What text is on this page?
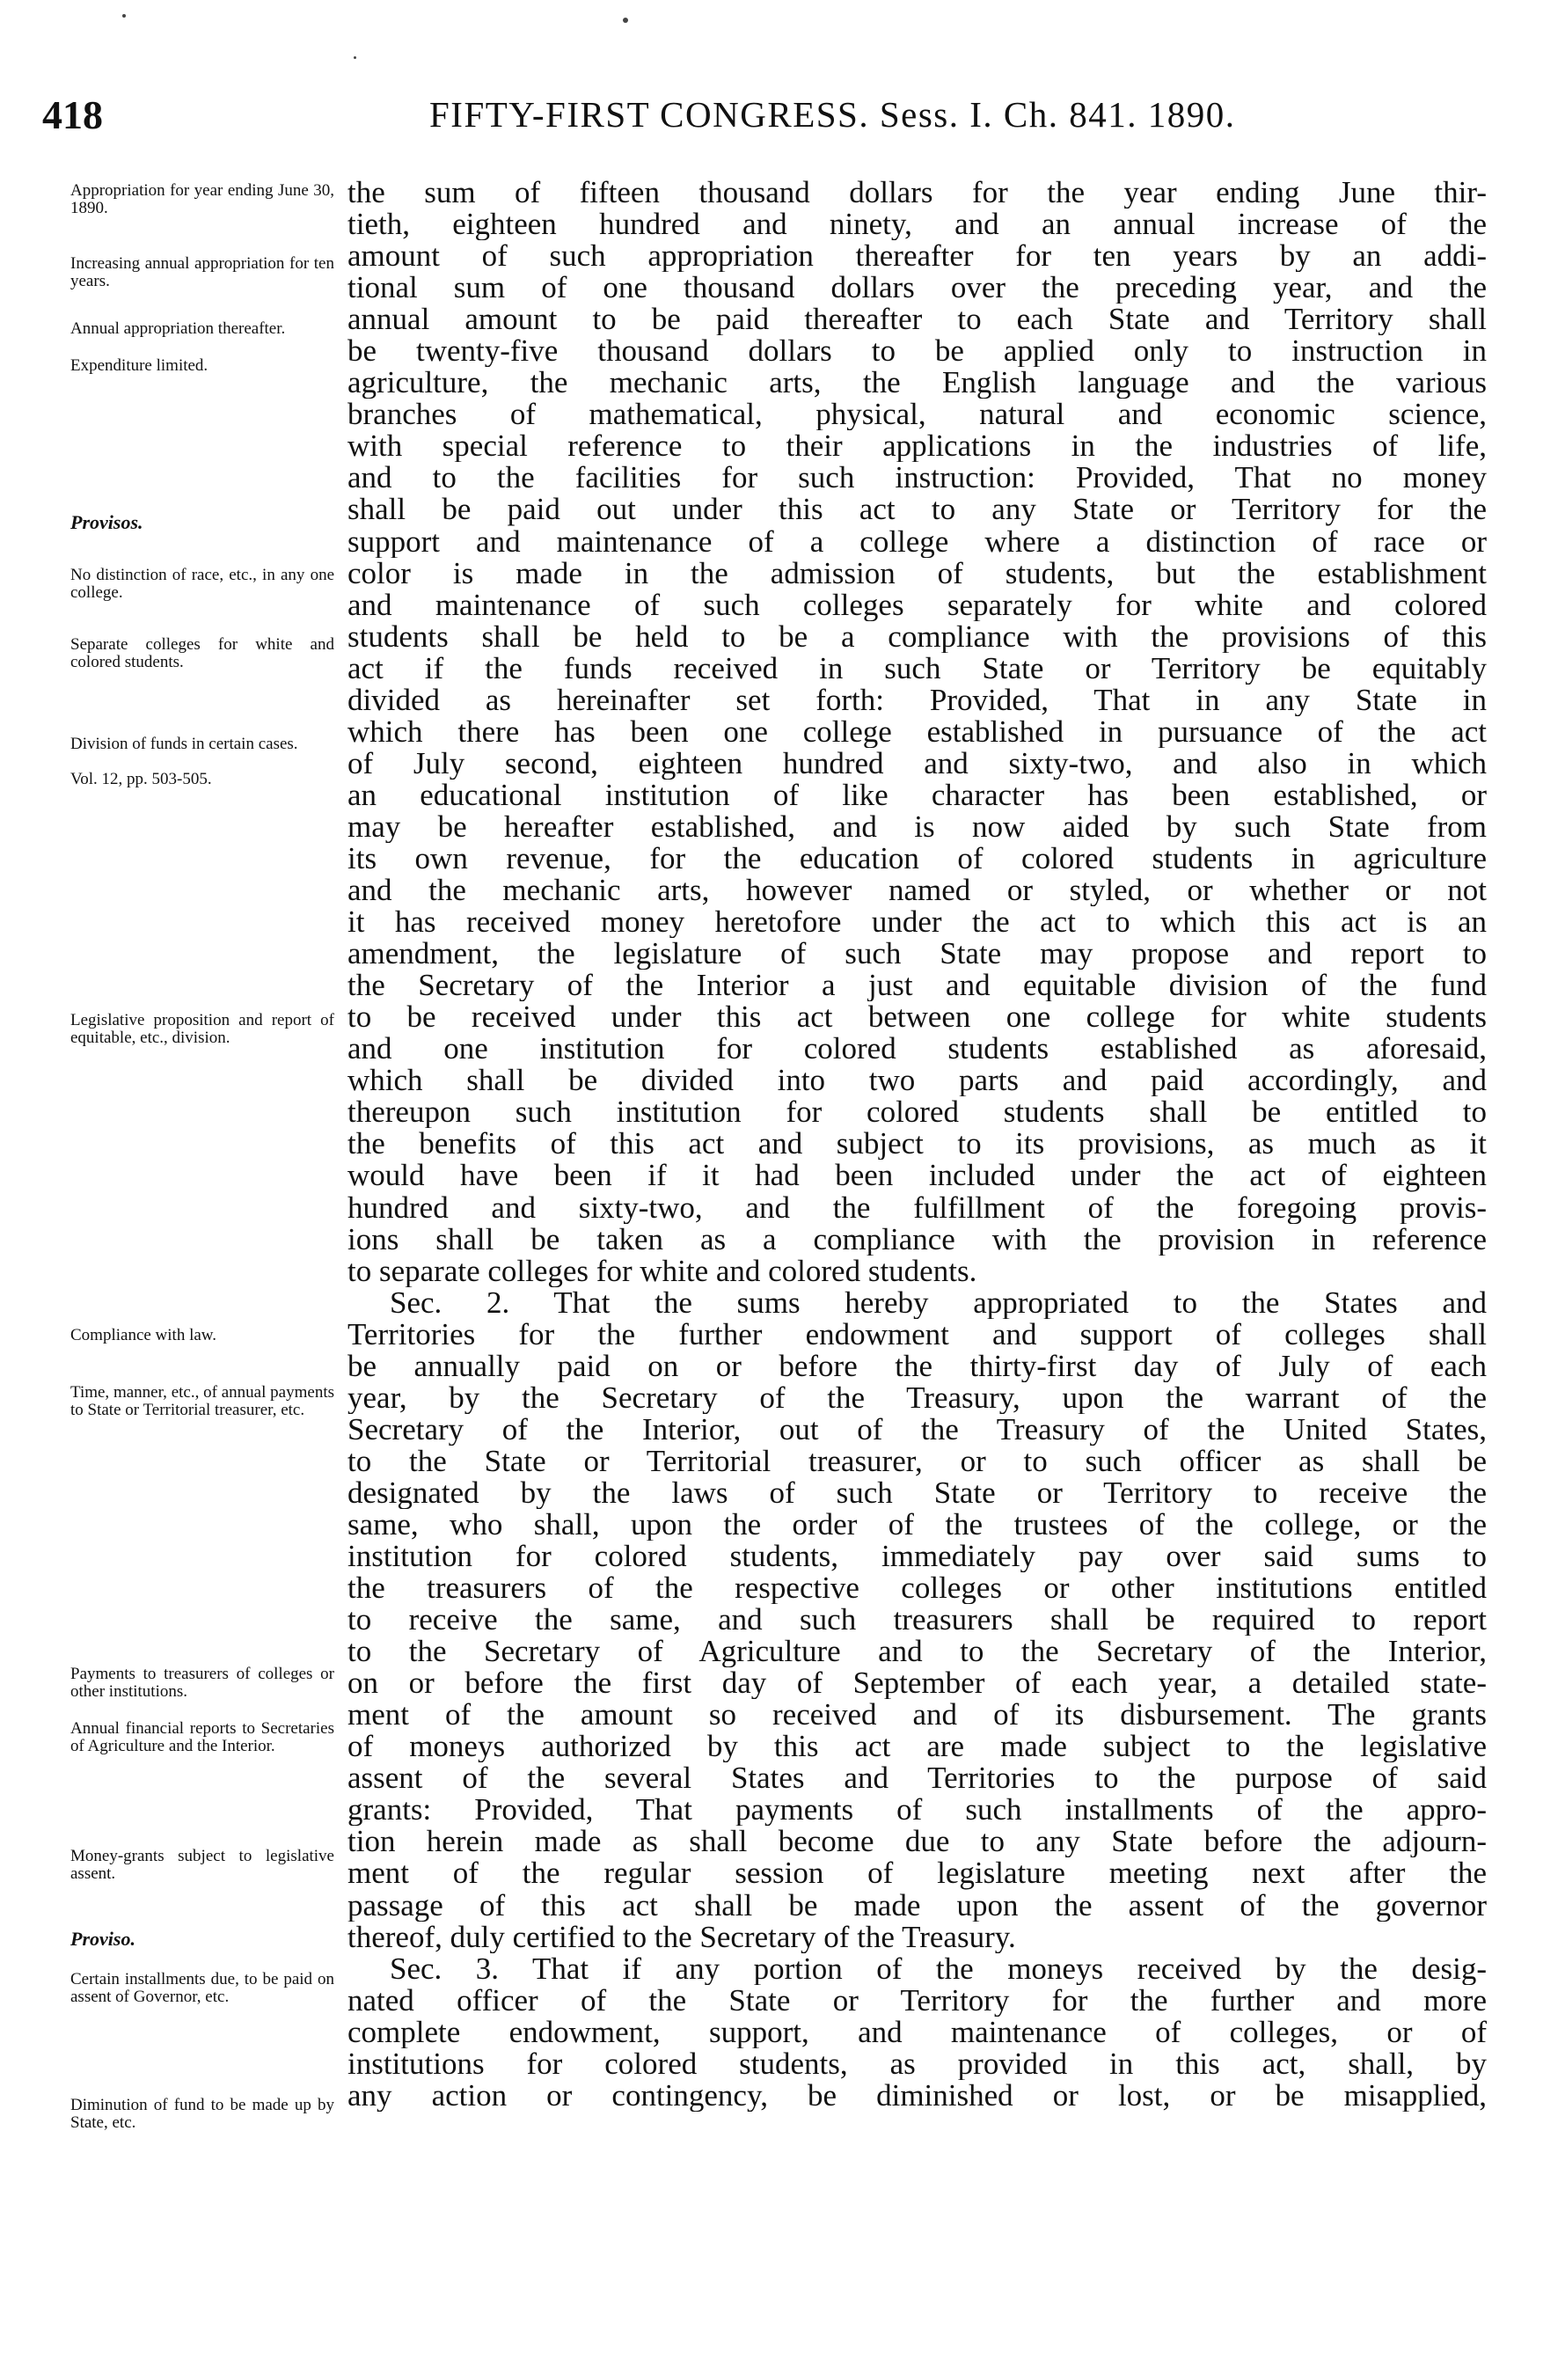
418	FIFTY-FIRST CONGRESS. Sess. I. Ch. 841. 1890.
Appropriation for year ending June 30, 1890.
Increasing annual appropriation for ten years.
Annual appropriation thereafter.
Expenditure limited.
Provisos.
No distinction of race, etc., in any one college.
Separate colleges for white and colored students.
Division of funds in certain cases.
Vol. 12, pp. 503-505.
Legislative proposition and report of equitable, etc., division.
Compliance with law.
Time, manner, etc., of annual payments to State or Territorial treasurer, etc.
Payments to treasurers of colleges or other institutions.
Annual financial reports to Secretaries of Agriculture and the Interior.
Money-grants subject to legislative assent.
Proviso.
Certain installments due, to be paid on assent of Governor, etc.
Diminution of fund to be made up by State, etc.
the sum of fifteen thousand dollars for the year ending June thir-
tieth, eighteen hundred and ninety, and an annual increase of the
amount of such appropriation thereafter for ten years by an addi-
tional sum of one thousand dollars over the preceding year, and the
annual amount to be paid thereafter to each State and Territory shall
be twenty-five thousand dollars to be applied only to instruction in
agriculture, the mechanic arts, the English language and the various
branches of mathematical, physical, natural and economic science,
with special reference to their applications in the industries of life,
and to the facilities for such instruction: Provided, That no money
shall be paid out under this act to any State or Territory for the
support and maintenance of a college where a distinction of race or
color is made in the admission of students, but the establishment
and maintenance of such colleges separately for white and colored
students shall be held to be a compliance with the provisions of this
act if the funds received in such State or Territory be equitably
divided as hereinafter set forth: Provided, That in any State in
which there has been one college established in pursuance of the act
of July second, eighteen hundred and sixty-two, and also in which
an educational institution of like character has been established, or
may be hereafter established, and is now aided by such State from
its own revenue, for the education of colored students in agriculture
and the mechanic arts, however named or styled, or whether or not
it has received money heretofore under the act to which this act is an
amendment, the legislature of such State may propose and report to
the Secretary of the Interior a just and equitable division of the fund
to be received under this act between one college for white students
and one institution for colored students established as aforesaid,
which shall be divided into two parts and paid accordingly, and
thereupon such institution for colored students shall be entitled to
the benefits of this act and subject to its provisions, as much as it
would have been if it had been included under the act of eighteen
hundred and sixty-two, and the fulfillment of the foregoing provis-
ions shall be taken as a compliance with the provision in reference
to separate colleges for white and colored students.
Sec. 2. That the sums hereby appropriated to the States and
Territories for the further endowment and support of colleges shall
be annually paid on or before the thirty-first day of July of each
year, by the Secretary of the Treasury, upon the warrant of the
Secretary of the Interior, out of the Treasury of the United States,
to the State or Territorial treasurer, or to such officer as shall be
designated by the laws of such State or Territory to receive the
same, who shall, upon the order of the trustees of the college, or the
institution for colored students, immediately pay over said sums to
the treasurers of the respective colleges or other institutions entitled
to receive the same, and such treasurers shall be required to report
to the Secretary of Agriculture and to the Secretary of the Interior,
on or before the first day of September of each year, a detailed state-
ment of the amount so received and of its disbursement. The grants
of moneys authorized by this act are made subject to the legislative
assent of the several States and Territories to the purpose of said
grants: Provided, That payments of such installments of the appro-
tion herein made as shall become due to any State before the adjourn-
ment of the regular session of legislature meeting next after the
passage of this act shall be made upon the assent of the governor
thereof, duly certified to the Secretary of the Treasury.
Sec. 3. That if any portion of the moneys received by the desig-
nated officer of the State or Territory for the further and more
complete endowment, support, and maintenance of colleges, or of
institutions for colored students, as provided in this act, shall, by
any action or contingency, be diminished or lost, or be misapplied,
